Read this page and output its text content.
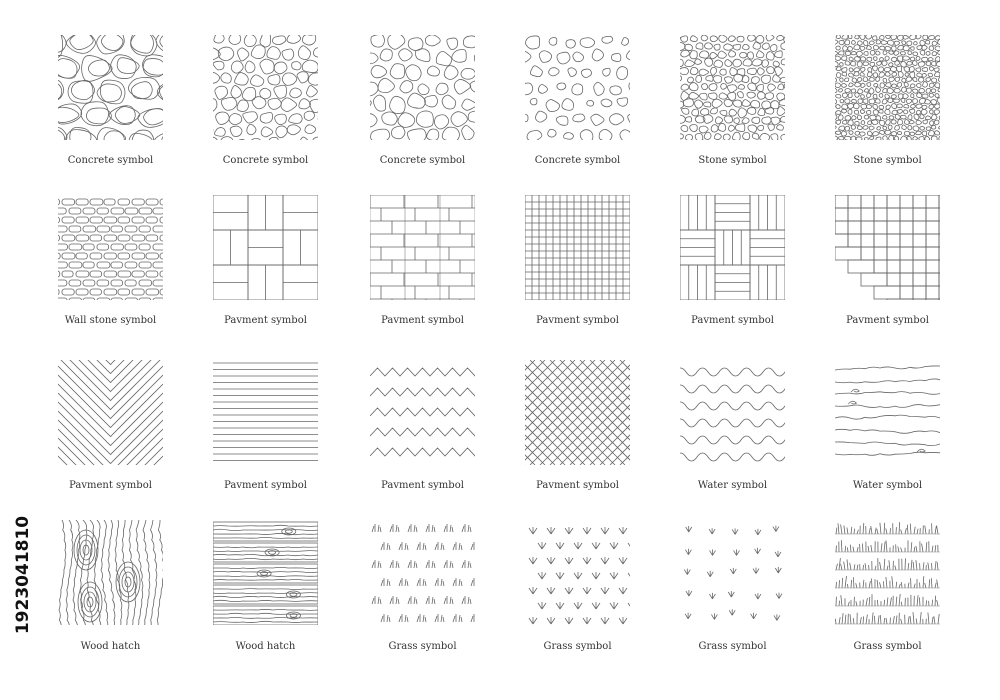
Concrete symbol	Concrete symbol	Concrete symbol	Concrete symbol	Stone symbol	Stone symbol
Wall stone symbol	Pavment symbol	Pavment symbol	Pavment symbol	Pavment symbol	Pavment symbol
Pavment symbol	Pavment symbol	Pavment symbol	Pavment symbol	Water symbol	Water symbol
Wood hatch	Wood hatch	Grass symbol	Grass symbol	Grass symbol	Grass symbol
1923041810
